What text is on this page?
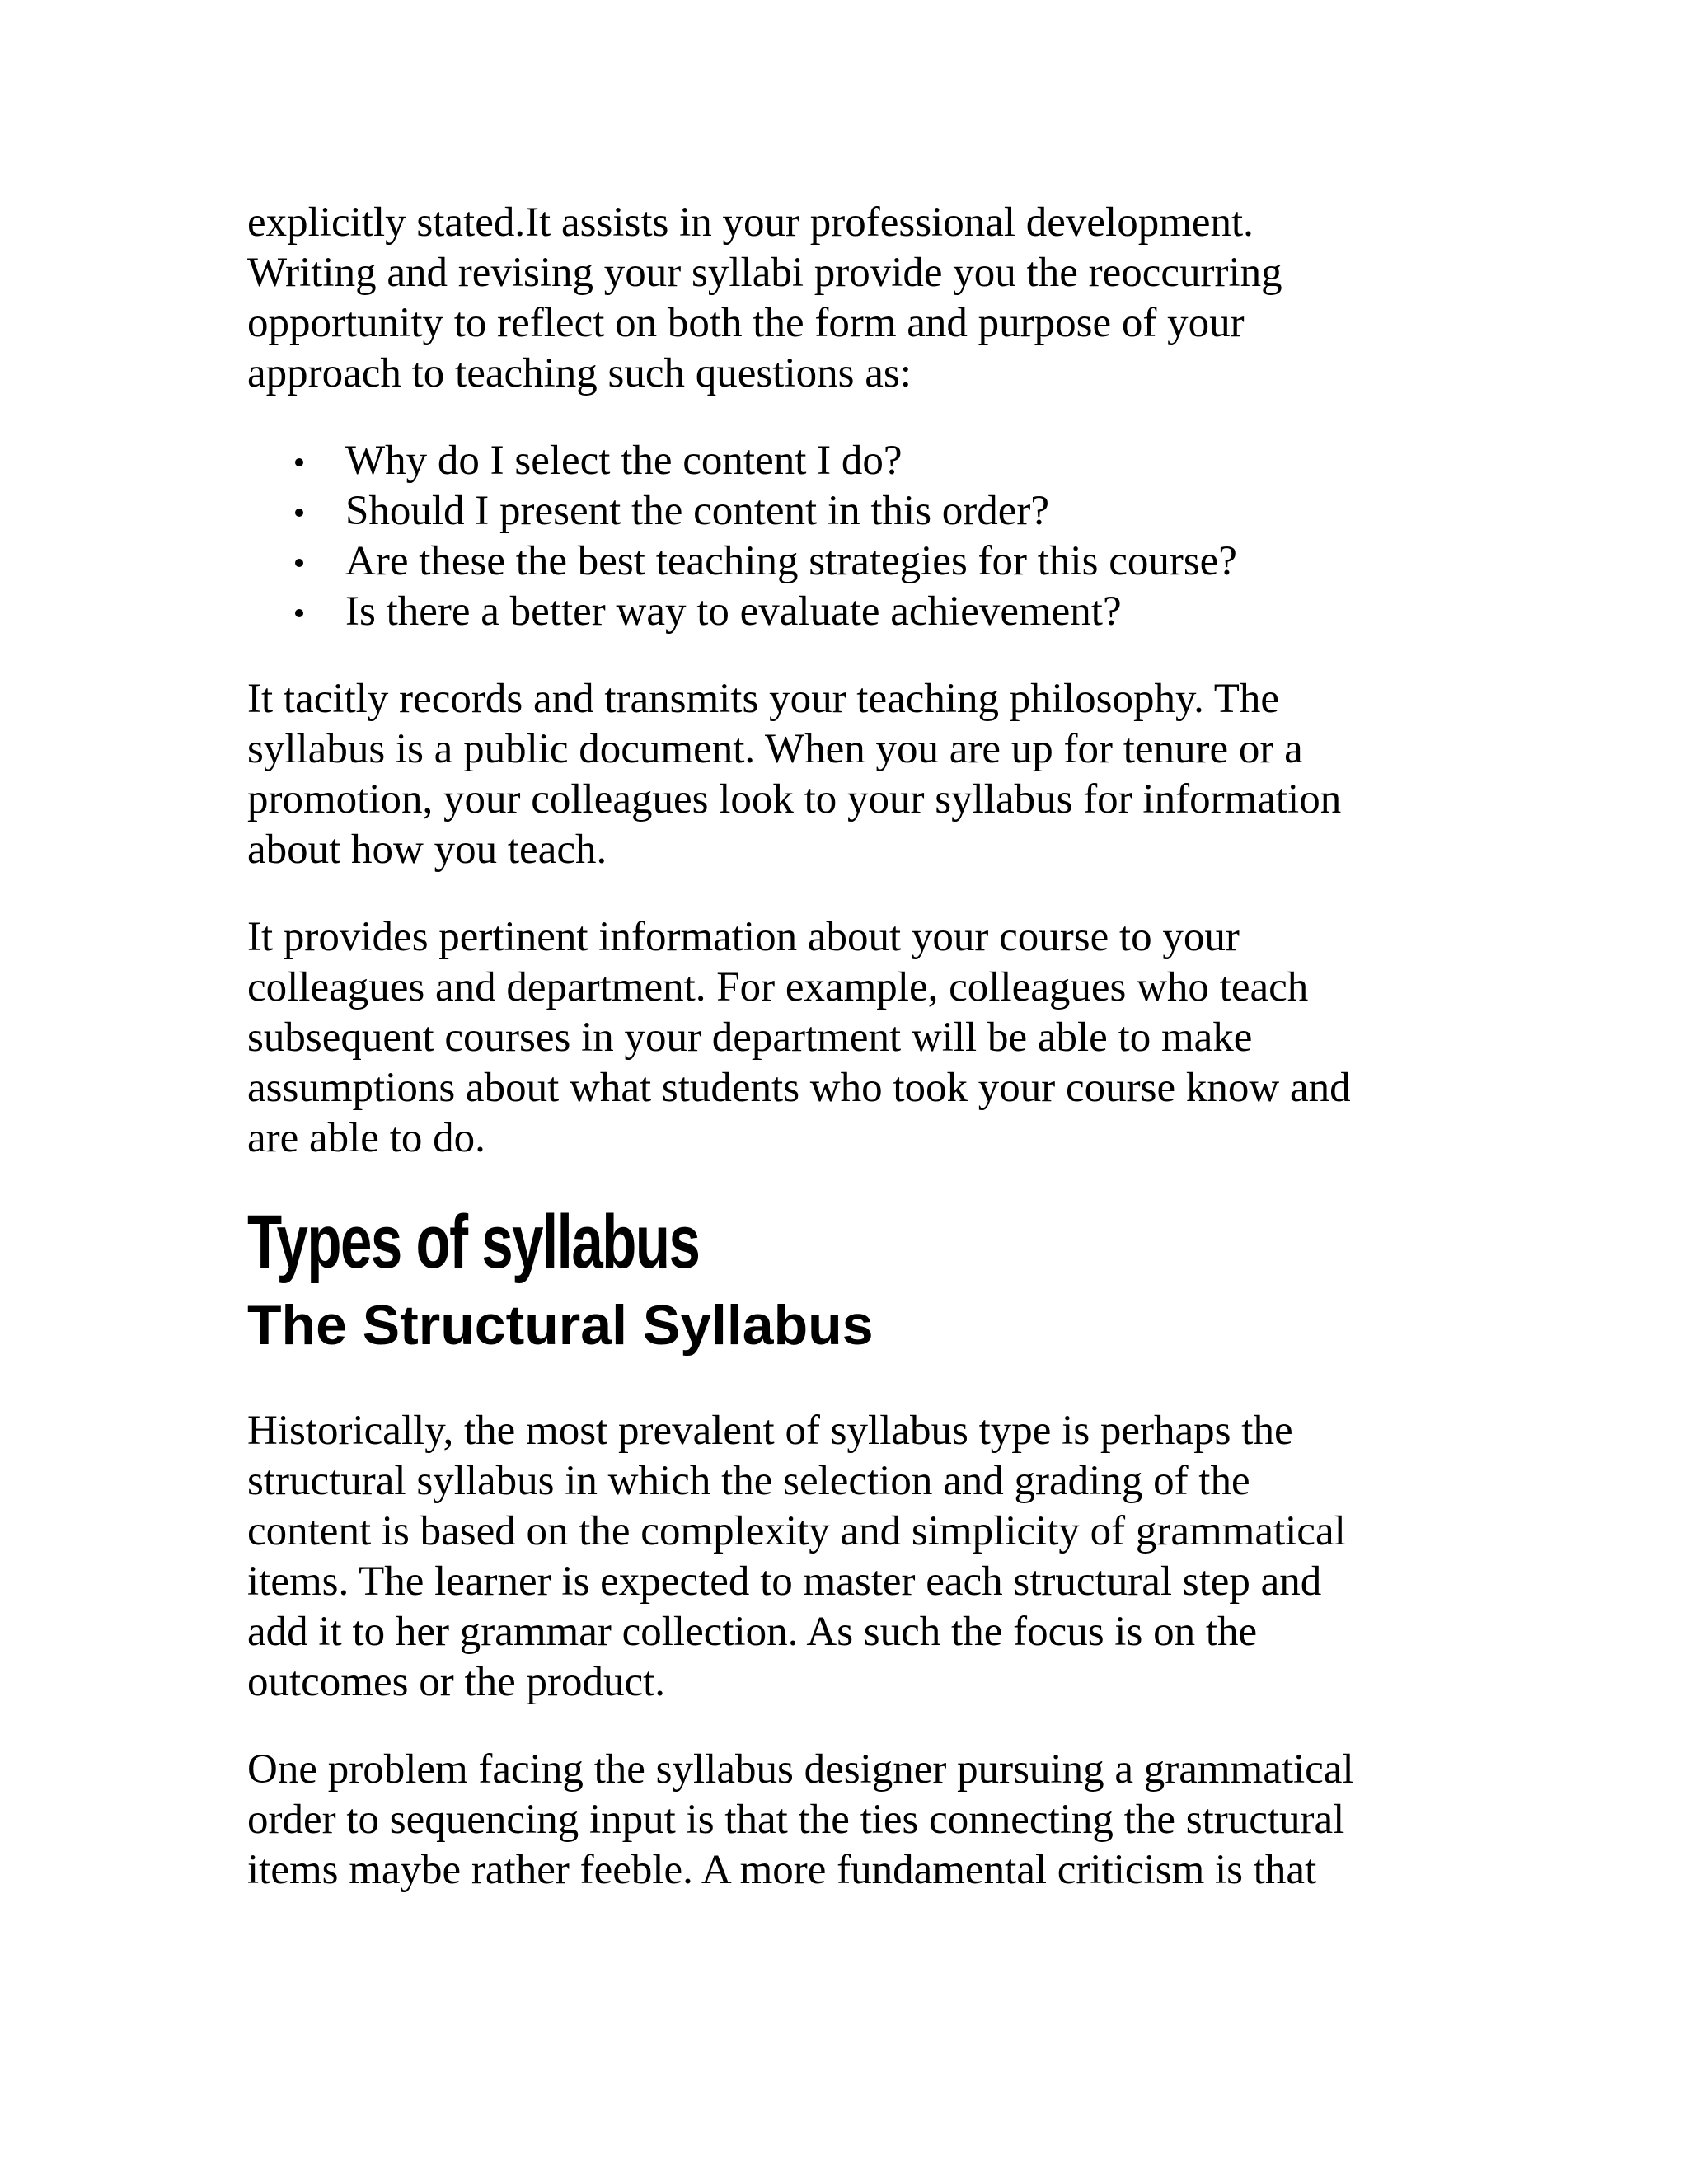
explicitly stated.It assists in your professional development.
Writing and revising your syllabi provide you the reoccurring
opportunity to reflect on both the form and purpose of your
approach to teaching such questions as:

Why do I select the content I do?
Should I present the content in this order?
Are these the best teaching strategies for this course?
Is there a better way to evaluate achievement?

It tacitly records and transmits your teaching philosophy. The
syllabus is a public document. When you are up for tenure or a
promotion, your colleagues look to your syllabus for information
about how you teach.

It provides pertinent information about your course to your
colleagues and department. For example, colleagues who teach
subsequent courses in your department will be able to make
assumptions about what students who took your course know and
are able to do.

Types of syllabus
The Structural Syllabus

Historically, the most prevalent of syllabus type is perhaps the
structural syllabus in which the selection and grading of the
content is based on the complexity and simplicity of grammatical
items. The learner is expected to master each structural step and
add it to her grammar collection. As such the focus is on the
outcomes or the product.

One problem facing the syllabus designer pursuing a grammatical
order to sequencing input is that the ties connecting the structural
items maybe rather feeble. A more fundamental criticism is that
